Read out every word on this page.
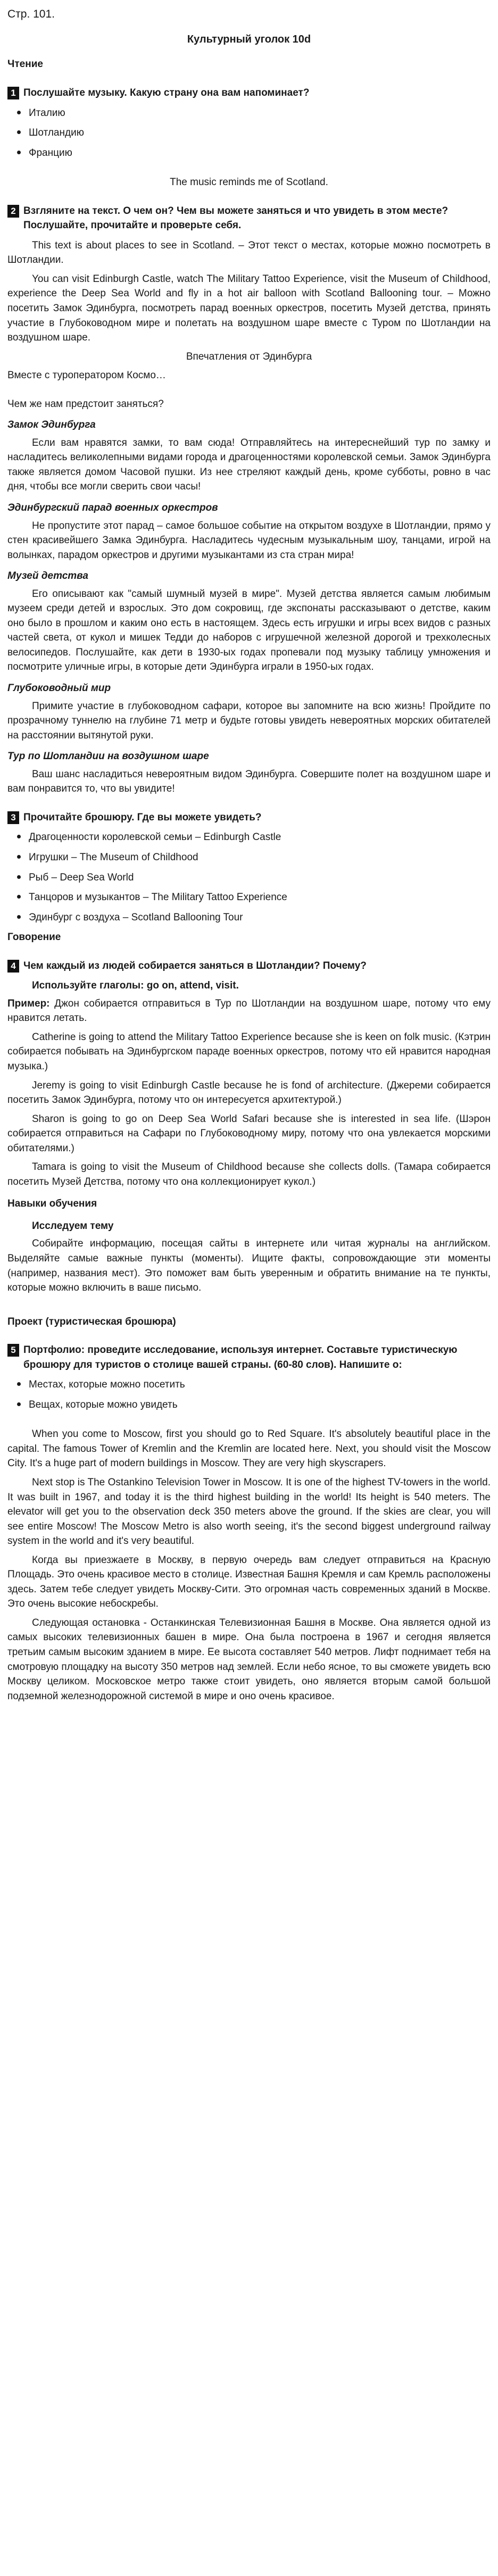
Стр. 101.
Культурный уголок 10d
Чтение
1 Послушайте музыку. Какую страну она вам напоминает?
Италию
Шотландию
Францию

The music reminds me of Scotland.

2 Взгляните на текст. О чем он? Чем вы можете заняться и что увидеть в этом месте? Послушайте, прочитайте и проверьте себя.

This text is about places to see in Scotland. – Этот текст о местах, которые можно посмотреть в Шотландии.

You can visit Edinburgh Castle, watch The Military Tattoo Experience, visit the Museum of Childhood, experience the Deep Sea World and fly in a hot air balloon with Scotland Ballooning tour. – Можно посетить Замок Эдинбурга, посмотреть парад военных оркестров, посетить Музей детства, принять участие в Глубоководном мире и полетать на воздушном шаре вместе с Туром по Шотландии на воздушном шаре.

Впечатления от Эдинбурга

Вместе с туроператором Космо…

Чем же нам предстоит заняться?

Замок Эдинбурга

Если вам нравятся замки, то вам сюда! Отправляйтесь на интереснейший тур по замку и насладитесь великолепными видами города и драгоценностями королевской семьи. Замок Эдинбурга также является домом Часовой пушки. Из нее стреляют каждый день, кроме субботы, ровно в час дня, чтобы все могли сверить свои часы!

Эдинбургский парад военных оркестров

Не пропустите этот парад – самое большое событие на открытом воздухе в Шотландии, прямо у стен красивейшего Замка Эдинбурга. Насладитесь чудесным музыкальным шоу, танцами, игрой на волынках, парадом оркестров и другими музыкантами из ста стран мира!

Музей детства

Его описывают как "самый шумный музей в мире". Музей детства является самым любимым музеем среди детей и взрослых. Это дом сокровищ, где экспонаты рассказывают о детстве, каким оно было в прошлом и каким оно есть в настоящем. Здесь есть игрушки и игры всех видов с разных частей света, от кукол и мишек Тедди до наборов с игрушечной железной дорогой и трехколесных велосипедов. Послушайте, как дети в 1930-ых годах пропевали под музыку таблицу умножения и посмотрите уличные игры, в которые дети Эдинбурга играли в 1950-ых годах.

Глубоководный мир

Примите участие в глубоководном сафари, которое вы запомните на всю жизнь! Пройдите по прозрачному туннелю на глубине 71 метр и будьте готовы увидеть невероятных морских обитателей на расстоянии вытянутой руки.

Тур по Шотландии на воздушном шаре

Ваш шанс насладиться невероятным видом Эдинбурга. Совершите полет на воздушном шаре и вам понравится то, что вы увидите!

3 Прочитайте брошюру. Где вы можете увидеть?
Драгоценности королевской семьи – Edinburgh Castle
Игрушки – The Museum of Childhood
Рыб – Deep Sea World
Танцоров и музыкантов – The Military Tattoo Experience
Эдинбург с воздуха – Scotland Ballooning Tour
Говорение
4 Чем каждый из людей собирается заняться в Шотландии? Почему?
Используйте глаголы: go on, attend, visit.

Пример: Джон собирается отправиться в Тур по Шотландии на воздушном шаре, потому что ему нравится летать.

Catherine is going to attend the Military Tattoo Experience because she is keen on folk music. (Кэтрин собирается побывать на Эдинбургском параде военных оркестров, потому что ей нравится народная музыка.)

Jeremy is going to visit Edinburgh Castle because he is fond of architecture. (Джереми собирается посетить Замок Эдинбурга, потому что он интересуется архитектурой.)

Sharon is going to go on Deep Sea World Safari because she is interested in sea life. (Шэрон собирается отправиться на Сафари по Глубоководному миру, потому что она увлекается морскими обитателями.)

Tamara is going to visit the Museum of Childhood because she collects dolls. (Тамара собирается посетить Музей Детства, потому что она коллекционирует кукол.)

Навыки обучения
Исследуем тему

Собирайте информацию, посещая сайты в интернете или читая журналы на английском. Выделяйте самые важные пункты (моменты). Ищите факты, сопровождающие эти моменты (например, названия мест). Это поможет вам быть уверенным и обратить внимание на те пункты, которые можно включить в ваше письмо.

Проект (туристическая брошюра)
5 Портфолио: проведите исследование, используя интернет. Составьте туристическую брошюру для туристов о столице вашей страны. (60-80 слов). Напишите о:
Местах, которые можно посетить
Вещах, которые можно увидеть

When you come to Moscow, first you should go to Red Square. It's absolutely beautiful place in the capital. The famous Tower of Kremlin and the Kremlin are located here. Next, you should visit the Moscow City. It's a huge part of modern buildings in Moscow. They are very high skyscrapers.

Next stop is The Ostankino Television Tower in Moscow. It is one of the highest TV-towers in the world. It was built in 1967, and today it is the third highest building in the world! Its height is 540 meters. The elevator will get you to the observation deck 350 meters above the ground. If the skies are clear, you will see entire Moscow! The Moscow Metro is also worth seeing, it's the second biggest underground railway system in the world and it's very beautiful.

Когда вы приезжаете в Москву, в первую очередь вам следует отправиться на Красную Площадь. Это очень красивое место в столице. Известная Башня Кремля и сам Кремль расположены здесь. Затем тебе следует увидеть Москву-Сити. Это огромная часть современных зданий в Москве. Это очень высокие небоскребы.

Следующая остановка - Останкинская Телевизионная Башня в Москве. Она является одной из самых высоких телевизионных башен в мире. Она была построена в 1967 и сегодня является третьим самым высоким зданием в мире. Ее высота составляет 540 метров. Лифт поднимает тебя на смотровую площадку на высоту 350 метров над землей. Если небо ясное, то вы сможете увидеть всю Москву целиком. Московское метро также стоит увидеть, оно является вторым самой большой подземной железнодорожной системой в мире и оно очень красивое.
